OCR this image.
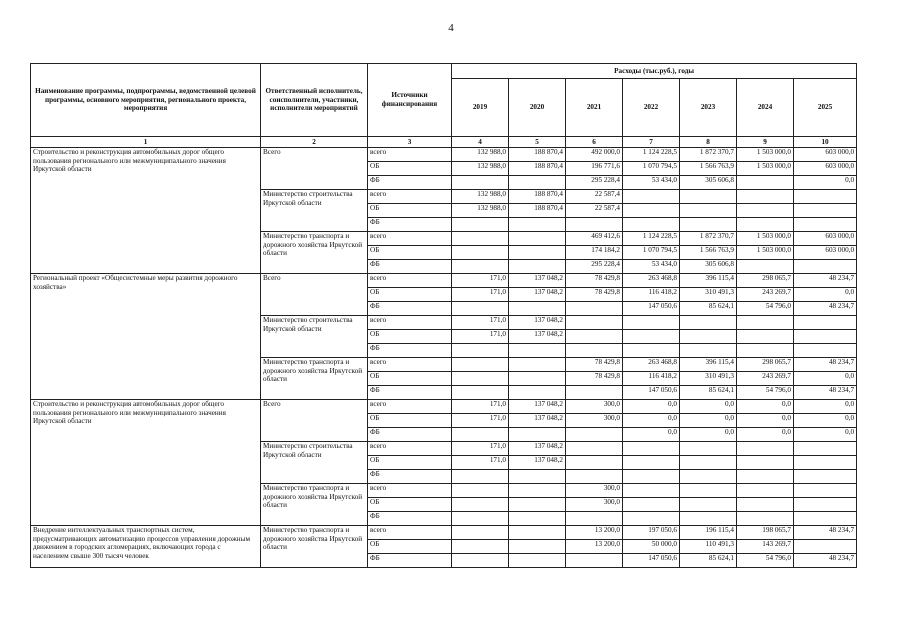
4
Наименование программы, подпрограммы, ведомственной целевой программы, основного мероприятия, регионального проекта, мероприятия	Ответственный исполнитель, соисполнители, участники, исполнители мероприятий	Источники финансирования	Расходы (тыс.руб.), годы						
			2019	2020	2021	2022	2023	2024	2025
1	2	3	4	5	6	7	8	9	10
Строительство и реконструкция автомобильных дорог общего пользования регионального или межмуниципального значения Иркутской области	Всего	всего	132 988,0	188 870,4	492 000,0	1 124 228,5	1 872 370,7	1 503 000,0	603 000,0
		ОБ	132 988,0	188 870,4	196 771,6	1 070 794,5	1 566 763,9	1 503 000,0	603 000,0
		ФБ			295 228,4	53 434,0	305 606,8		0,0
	Министерство строительства Иркутской области	всего	132 988,0	188 870,4	22 587,4				
		ОБ	132 988,0	188 870,4	22 587,4				
		ФБ							
	Министерство транспорта и дорожного хозяйства Иркутской области	всего			469 412,6	1 124 228,5	1 872 370,7	1 503 000,0	603 000,0
		ОБ			174 184,2	1 070 794,5	1 566 763,9	1 503 000,0	603 000,0
		ФБ			295 228,4	53 434,0	305 606,8		
Региональный проект «Общесистемные меры развития дорожного хозяйства»	Всего	всего	171,0	137 048,2	78 429,8	263 468,8	396 115,4	298 065,7	48 234,7
		ОБ	171,0	137 048,2	78 429,8	116 418,2	310 491,3	243 269,7	0,0
		ФБ				147 050,6	85 624,1	54 796,0	48 234,7
	Министерство строительства Иркутской области	всего	171,0	137 048,2					
		ОБ	171,0	137 048,2					
		ФБ							
	Министерство транспорта и дорожного хозяйства Иркутской области	всего			78 429,8	263 468,8	396 115,4	298 065,7	48 234,7
		ОБ			78 429,8	116 418,2	310 491,3	243 269,7	0,0
		ФБ				147 050,6	85 624,1	54 796,0	48 234,7
Строительство и реконструкция автомобильных дорог общего пользования регионального или межмуниципального значения Иркутской области	Всего	всего	171,0	137 048,2	300,0	0,0	0,0	0,0	0,0
		ОБ	171,0	137 048,2	300,0	0,0	0,0	0,0	0,0
		ФБ				0,0	0,0	0,0	0,0
	Министерство строительства Иркутской области	всего	171,0	137 048,2					
		ОБ	171,0	137 048,2					
		ФБ							
	Министерство транспорта и дорожного хозяйства Иркутской области	всего			300,0				
		ОБ			300,0				
		ФБ							
Внедрение интеллектуальных транспортных систем, предусматривающих автоматизацию процессов управления дорожным движением в городских агломерациях, включающих города с населением свыше 300 тысяч человек	Министерство транспорта и дорожного хозяйства Иркутской области	всего			13 200,0	197 050,6	196 115,4	198 065,7	48 234,7
		ОБ			13 200,0	50 000,0	110 491,3	143 269,7	
		ФБ				147 050,6	85 624,1	54 796,0	48 234,7
